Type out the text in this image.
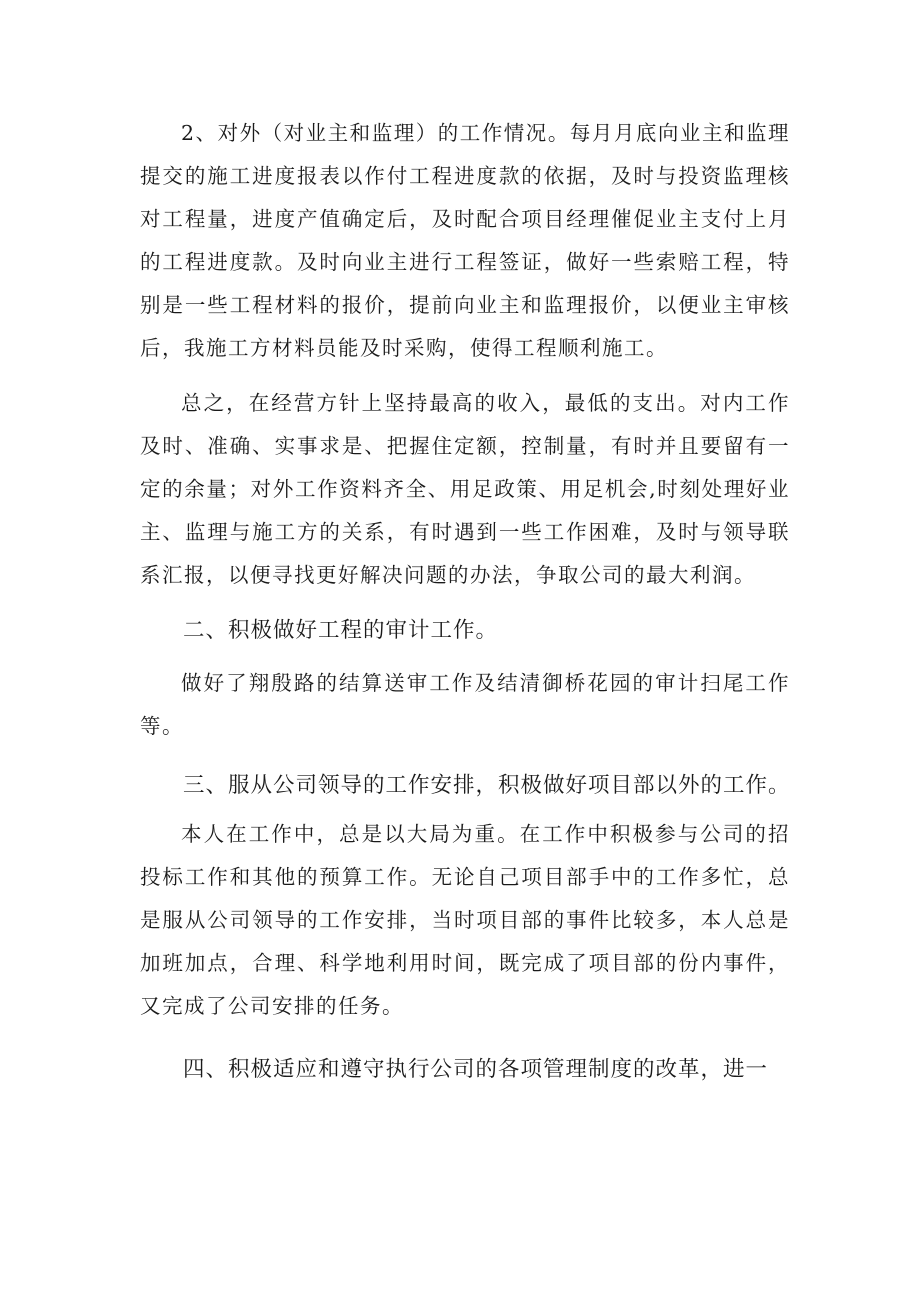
2、对外（对业主和监理）的工作情况。每月月底向业主和监理提交的施工进度报表以作付工程进度款的依据，及时与投资监理核对工程量，进度产值确定后，及时配合项目经理催促业主支付上月的工程进度款。及时向业主进行工程签证，做好一些索赔工程，特别是一些工程材料的报价，提前向业主和监理报价，以便业主审核后，我施工方材料员能及时采购，使得工程顺利施工。

总之，在经营方针上坚持最高的收入，最低的支出。对内工作及时、准确、实事求是、把握住定额，控制量，有时并且要留有一定的余量；对外工作资料齐全、用足政策、用足机会,时刻处理好业主、监理与施工方的关系，有时遇到一些工作困难，及时与领导联系汇报，以便寻找更好解决问题的办法，争取公司的最大利润。

二、积极做好工程的审计工作。

做好了翔殷路的结算送审工作及结清御桥花园的审计扫尾工作等。

三、服从公司领导的工作安排，积极做好项目部以外的工作。

本人在工作中，总是以大局为重。在工作中积极参与公司的招投标工作和其他的预算工作。无论自己项目部手中的工作多忙，总是服从公司领导的工作安排，当时项目部的事件比较多，本人总是加班加点，合理、科学地利用时间，既完成了项目部的份内事件，又完成了公司安排的任务。

四、积极适应和遵守执行公司的各项管理制度的改革，进一
